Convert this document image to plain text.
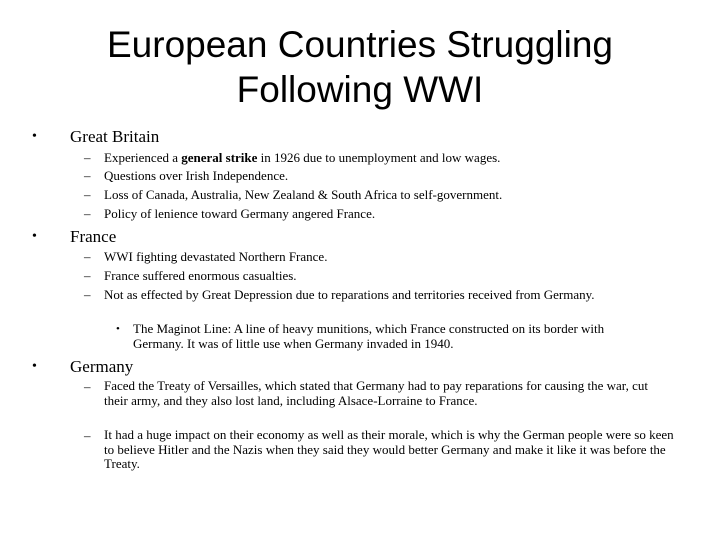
European Countries Struggling
Following WWI
• Great Britain
– Experienced a general strike in 1926 due to unemployment and low wages.
– Questions over Irish Independence.
– Loss of Canada, Australia, New Zealand & South Africa to self-government.
– Policy of lenience toward Germany angered France.
• France
– WWI fighting devastated Northern France.
– France suffered enormous casualties.
– Not as effected by Great Depression due to reparations and territories received from Germany.
• The Maginot Line: A line of heavy munitions, which France constructed on its border with Germany. It was of little use when Germany invaded in 1940.
• Germany
– Faced the Treaty of Versailles, which stated that Germany had to pay reparations for causing the war, cut their army, and they also lost land, including Alsace-Lorraine to France.
– It had a huge impact on their economy as well as their morale, which is why the German people were so keen to believe Hitler and the Nazis when they said they would better Germany and make it like it was before the Treaty.
